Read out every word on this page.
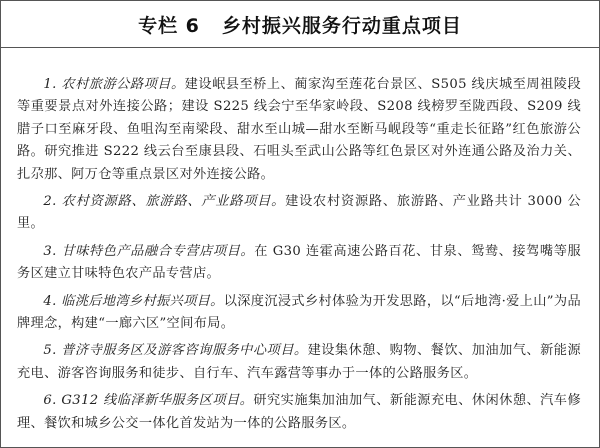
专栏 6 乡村振兴服务行动重点项目

1. 农村旅游公路项目。建设岷县至桥上、蔺家沟至莲花台景区、S505 线庆城至周祖陵段等重要景点对外连接公路；建设 S225 线会宁至华家岭段、S208 线榜罗至陇西段、S209 线腊子口至麻牙段、鱼咀沟至南梁段、甜水至山城—甜水至断马岘段等“重走长征路”红色旅游公路。研究推进 S222 线云台至康县段、石咀头至武山公路等红色景区对外连通公路及治力关、扎尕那、阿万仓等重点景区对外连接公路。

2. 农村资源路、旅游路、产业路项目。建设农村资源路、旅游路、产业路共计 3000 公里。

3. 甘味特色产品融合专营店项目。在 G30 连霍高速公路百花、甘泉、鸳鸯、接驾嘴等服务区建立甘味特色农产品专营店。

4. 临洮后地湾乡村振兴项目。以深度沉浸式乡村体验为开发思路，以“后地湾·爱上山”为品牌理念，构建“一廊六区”空间布局。

5. 普济寺服务区及游客咨询服务中心项目。建设集休憩、购物、餐饮、加油加气、新能源充电、游客咨询服务和徒步、自行车、汽车露营等事办于一体的公路服务区。

6. G312 线临泽新华服务区项目。研究实施集加油加气、新能源充电、休闲休憩、汽车修理、餐饮和城乡公交一体化首发站为一体的公路服务区。
